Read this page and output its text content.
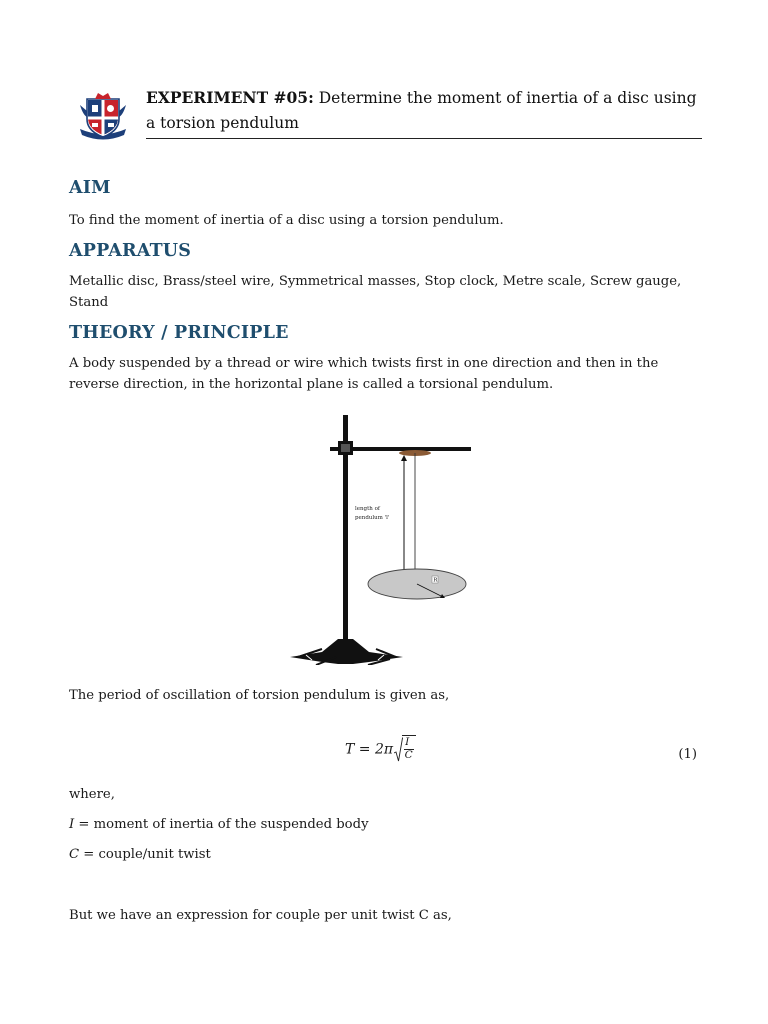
EXPERIMENT #05: Determine the moment of inertia of a disc using a torsion pendulum
AIM

To find the moment of inertia of a disc using a torsion pendulum.

APPARATUS

Metallic disc, Brass/steel wire, Symmetrical masses, Stop clock, Metre scale, Screw gauge, Stand

THEORY / PRINCIPLE

A body suspended by a thread or wire which twists first in one direction and then in the reverse direction, in the horizontal plane is called a torsional pendulum.

length of
pendulum 'l'
R

The period of oscillation of torsion pendulum is given as,

$T = 2\pi \frac{I}{C}$	(1)

where,

I = moment of inertia of the suspended body

C = couple/unit twist

But we have an expression for couple per unit twist C as,
